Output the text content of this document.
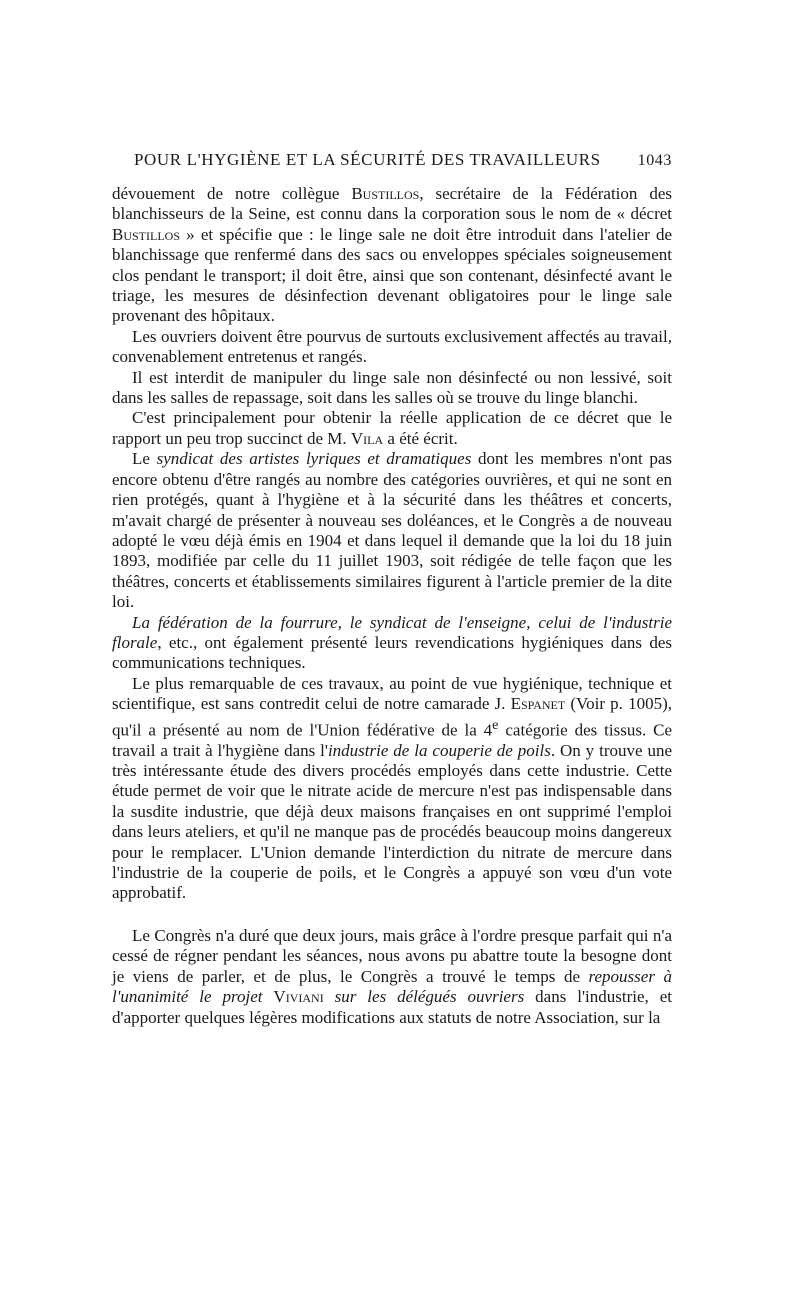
POUR L'HYGIÈNE ET LA SÉCURITÉ DES TRAVAILLEURS 1043

dévouement de notre collègue Bustillos, secrétaire de la Fédération des blanchisseurs de la Seine, est connu dans la corporation sous le nom de « décret Bustillos » et spécifie que : le linge sale ne doit être introduit dans l'atelier de blanchissage que renfermé dans des sacs ou enveloppes spéciales soigneusement clos pendant le transport; il doit être, ainsi que son contenant, désinfecté avant le triage, les mesures de désinfection devenant obligatoires pour le linge sale provenant des hôpitaux.

Les ouvriers doivent être pourvus de surtouts exclusivement affectés au travail, convenablement entretenus et rangés.

Il est interdit de manipuler du linge sale non désinfecté ou non lessivé, soit dans les salles de repassage, soit dans les salles où se trouve du linge blanchi.

C'est principalement pour obtenir la réelle application de ce décret que le rapport un peu trop succinct de M. Vila a été écrit.

Le syndicat des artistes lyriques et dramatiques dont les membres n'ont pas encore obtenu d'être rangés au nombre des catégories ouvrières, et qui ne sont en rien protégés, quant à l'hygiène et à la sécurité dans les théâtres et concerts, m'avait chargé de présenter à nouveau ses doléances, et le Congrès a de nouveau adopté le vœu déjà émis en 1904 et dans lequel il demande que la loi du 18 juin 1893, modifiée par celle du 11 juillet 1903, soit rédigée de telle façon que les théâtres, concerts et établissements similaires figurent à l'article premier de la dite loi.

La fédération de la fourrure, le syndicat de l'enseigne, celui de l'industrie florale, etc., ont également présenté leurs revendications hygiéniques dans des communications techniques.

Le plus remarquable de ces travaux, au point de vue hygiénique, technique et scientifique, est sans contredit celui de notre camarade J. Espanet (Voir p. 1005), qu'il a présenté au nom de l'Union fédérative de la 4e catégorie des tissus. Ce travail a trait à l'hygiène dans l'industrie de la couperie de poils. On y trouve une très intéressante étude des divers procédés employés dans cette industrie. Cette étude permet de voir que le nitrate acide de mercure n'est pas indispensable dans la susdite industrie, que déjà deux maisons françaises en ont supprimé l'emploi dans leurs ateliers, et qu'il ne manque pas de procédés beaucoup moins dangereux pour le remplacer. L'Union demande l'interdiction du nitrate de mercure dans l'industrie de la couperie de poils, et le Congrès a appuyé son vœu d'un vote approbatif.

Le Congrès n'a duré que deux jours, mais grâce à l'ordre presque parfait qui n'a cessé de régner pendant les séances, nous avons pu abattre toute la besogne dont je viens de parler, et de plus, le Congrès a trouvé le temps de repousser à l'unanimité le projet Viviani sur les délégués ouvriers dans l'industrie, et d'apporter quelques légères modifications aux statuts de notre Association, sur la
